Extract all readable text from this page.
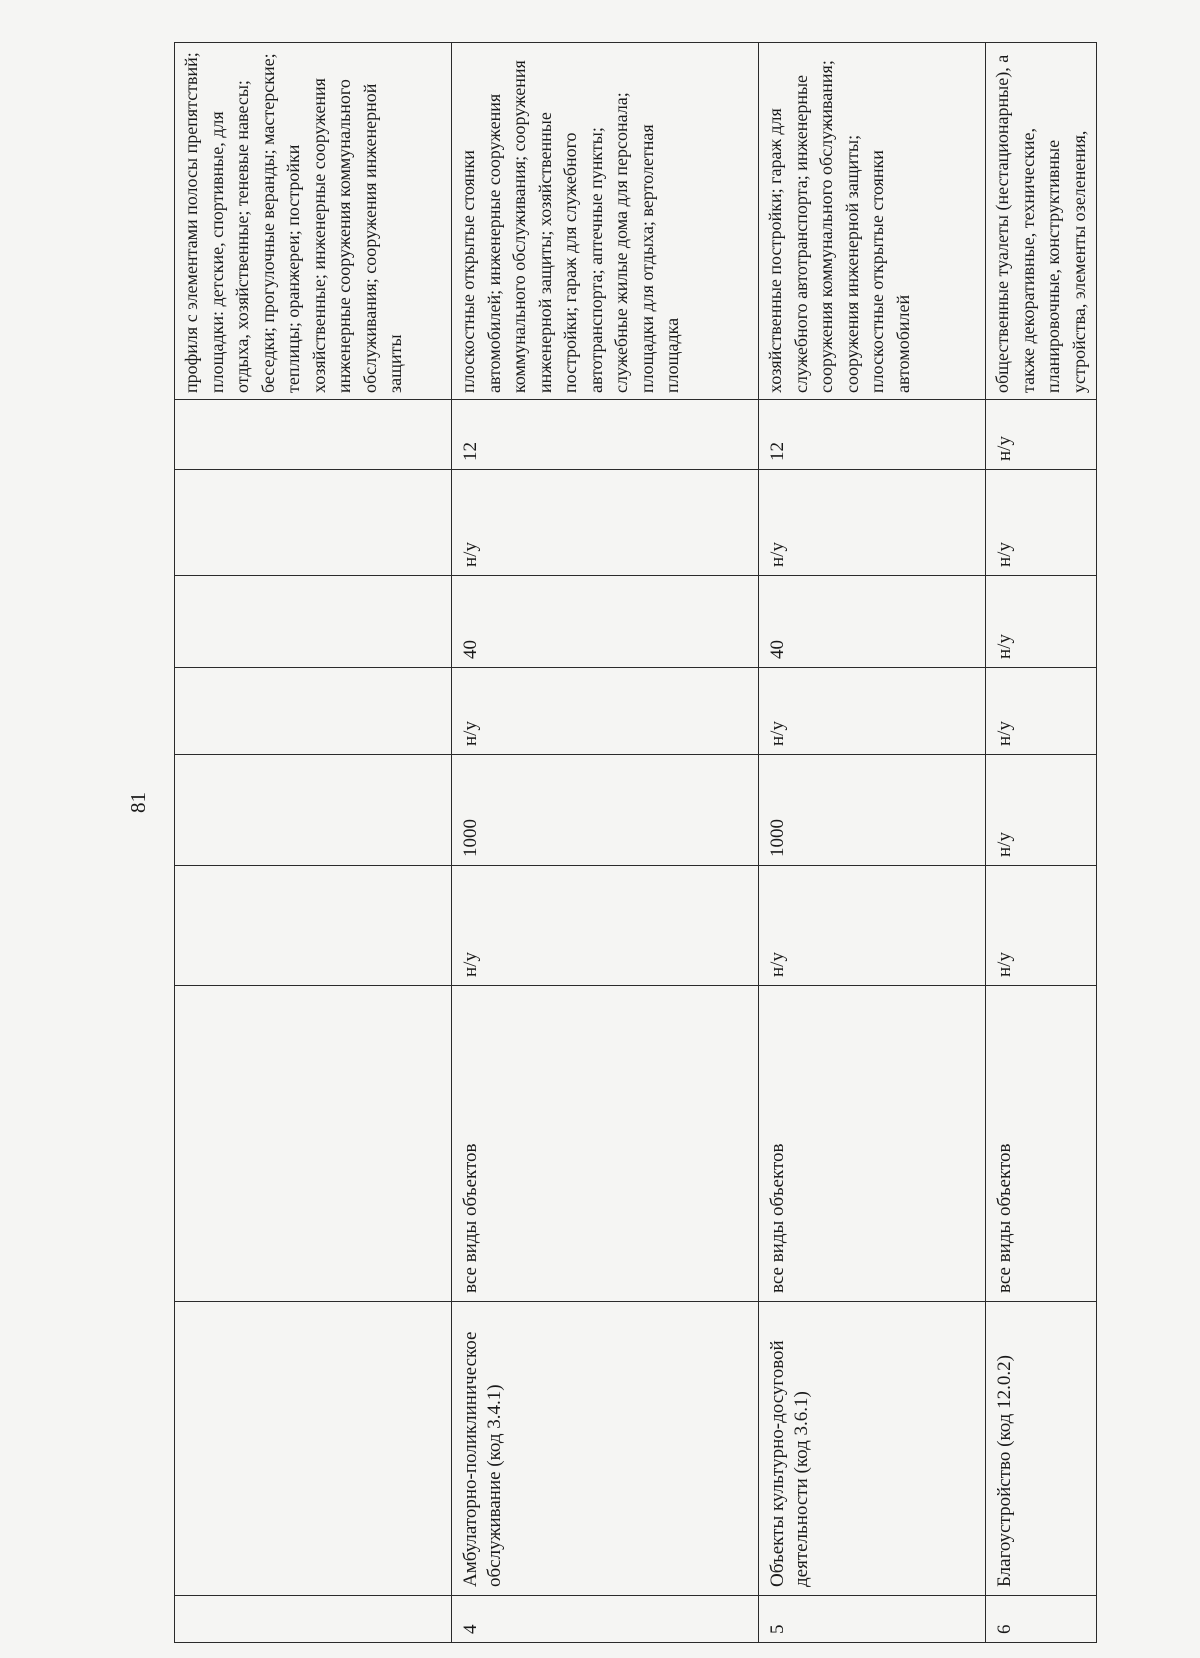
81
									профиля с элементами полосы препятствий; площадки: детские, спортивные, для отдыха, хозяйственные; теневые навесы; беседки; прогулочные веранды; мастерские; теплицы; оранжереи; постройки хозяйственные; инженерные сооружения инженерные сооружения коммунального обслуживания; сооружения инженерной защиты
4	Амбулаторно-поликлиническое обслуживание (код 3.4.1)	все виды объектов	н/у	1000	н/у	40	н/у	12	плоскостные открытые стоянки автомобилей; инженерные сооружения коммунального обслуживания; сооружения инженерной защиты; хозяйственные постройки; гараж для служебного автотранспорта; аптечные пункты; служебные жилые дома для персонала; площадки для отдыха; вертолетная площадка
5	Объекты культурно-досуговой деятельности (код 3.6.1)	все виды объектов	н/у	1000	н/у	40	н/у	12	хозяйственные постройки; гараж для служебного автотранспорта; инженерные сооружения коммунального обслуживания; сооружения инженерной защиты; плоскостные открытые стоянки автомобилей
6	Благоустройство (код 12.0.2)	все виды объектов	н/у	н/у	н/у	н/у	н/у	н/у	общественные туалеты (нестационарные), а также декоративные, технические, планировочные, конструктивные устройства, элементы озеленения,
